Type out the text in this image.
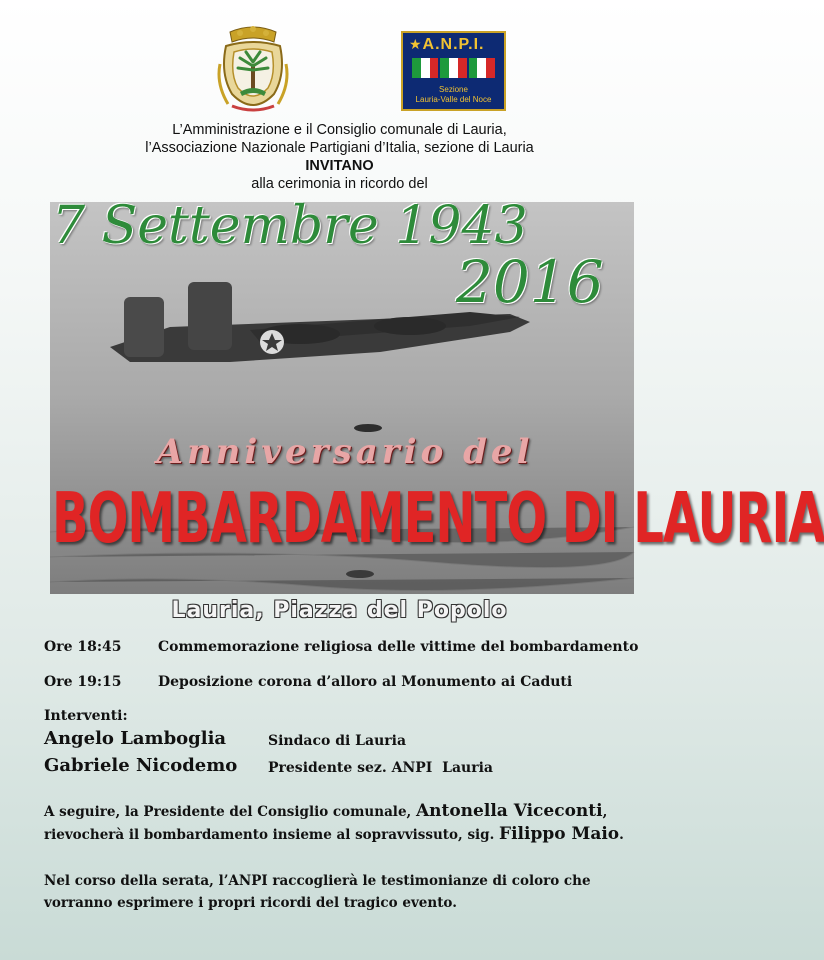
★ A.N.P.I.
Sezione
Lauria-Valle del Noce
L’Amministrazione e il Consiglio comunale di Lauria,
l’Associazione Nazionale Partigiani d’Italia, sezione di Lauria
INVITANO
alla cerimonia in ricordo del
7 Settembre 1943
2016
Anniversario del
BOMBARDAMENTO DI LAURIA
Lauria, Piazza del Popolo
Ore 18:45	Commemorazione religiosa delle vittime del bombardamento
Ore 19:15	Deposizione corona d’alloro al Monumento ai Caduti
Interventi:
Angelo Lamboglia	Sindaco di Lauria
Gabriele Nicodemo Presidente sez. ANPI  Lauria
A seguire, la Presidente del Consiglio comunale, Antonella Viceconti,
rievocherà il bombardamento insieme al sopravvissuto, sig. Filippo Maio.
Nel corso della serata, l’ANPI raccoglierà le testimonianze di coloro che
vorranno esprimere i propri ricordi del tragico evento.
